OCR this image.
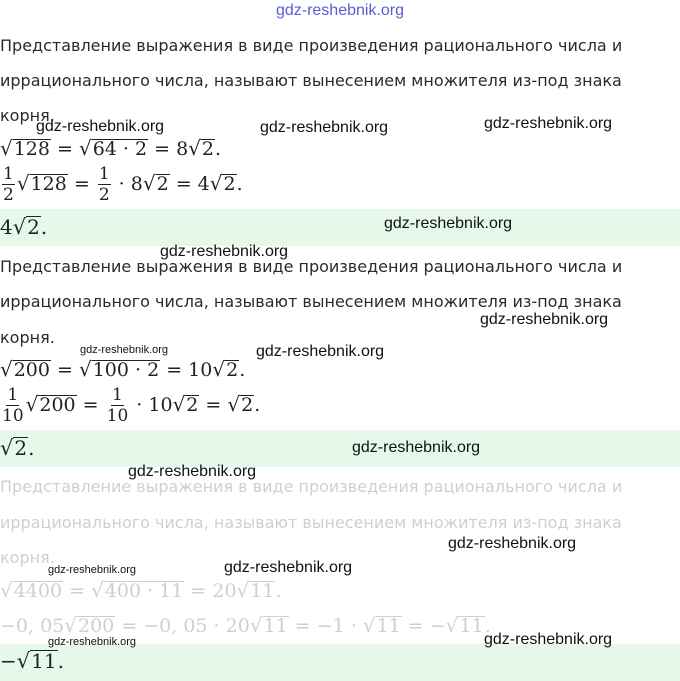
gdz-reshebnik.org
Представление выражения в виде произведения рационального числа и
иррационального числа, называют вынесением множителя из-под знака
корня.
√128 = √64 · 2 = 8√2.
$\frac{1}{2} √128 = \frac{1}{2} \cdot 8√2 = 4√2$.
4√2.
Представление выражения в виде произведения рационального числа и
иррационального числа, называют вынесением множителя из-под знака
корня.
√200 = √100 · 2 = 10√2.
$\frac{1}{10} √200 = \frac{1}{10} \cdot 10√2 = √2$.
√2.
Представление выражения в виде произведения рационального числа и
иррационального числа, называют вынесением множителя из-под знака
корня.
√4400 = √400 · 11 = 20√11.
−0, 05√200 = −0, 05 · 20√11 = −1 · √11 = −√11.
−√11.
gdz-reshebnik.org	gdz-reshebnik.org	gdz-reshebnik.org
gdz-reshebnik.org
gdz-reshebnik.org
gdz-reshebnik.org
gdz-reshebnik.org	gdz-reshebnik.org
gdz-reshebnik.org
gdz-reshebnik.org
gdz-reshebnik.org
gdz-reshebnik.org	gdz-reshebnik.org
gdz-reshebnik.org
gdz-reshebnik.org
